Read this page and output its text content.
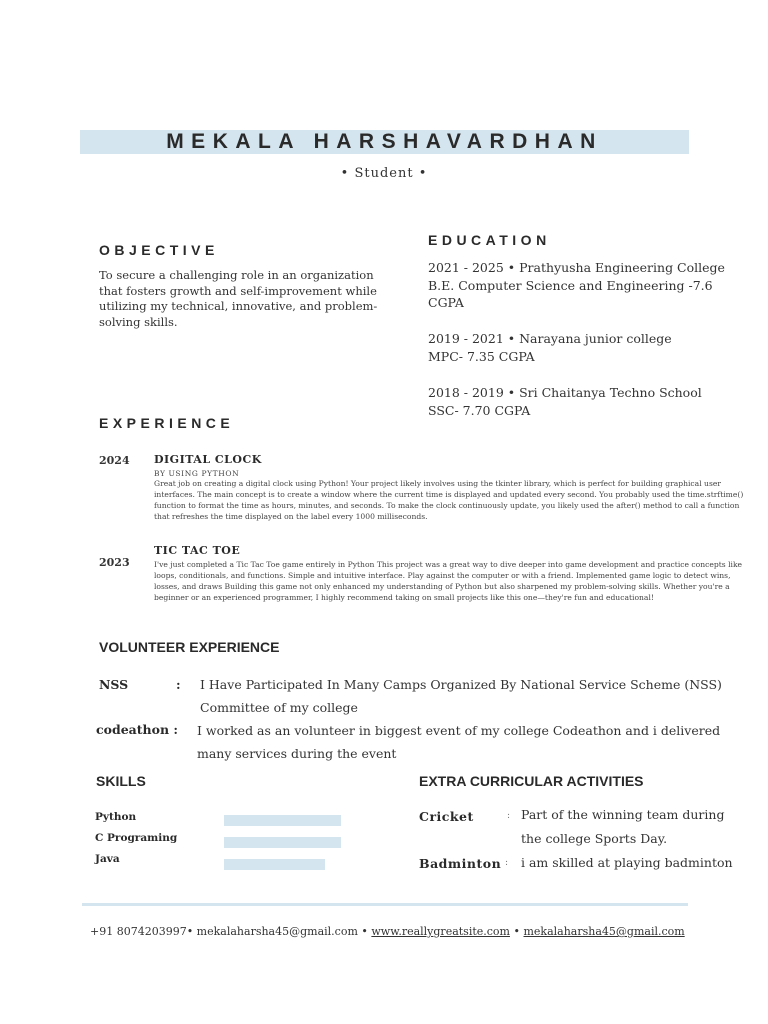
MEKALA HARSHAVARDHAN
• Student •
OBJECTIVE
To secure a challenging role in an organization that fosters growth and self-improvement while utilizing my technical, innovative, and problem-solving skills.
EDUCATION
2021 - 2025 • Prathyusha Engineering College
B.E. Computer Science and Engineering -7.6 CGPA
2019 - 2021 • Narayana junior college
MPC- 7.35 CGPA
2018 - 2019 • Sri Chaitanya Techno School
SSC- 7.70 CGPA
EXPERIENCE
2024 DIGITAL CLOCK
BY USING PYTHON
Great job on creating a digital clock using Python! Your project likely involves using the tkinter library, which is perfect for building graphical user interfaces. The main concept is to create a window where the current time is displayed and updated every second. You probably used the time.strftime() function to format the time as hours, minutes, and seconds. To make the clock continuously update, you likely used the after() method to call a function that refreshes the time displayed on the label every 1000 milliseconds.
2023
TIC TAC TOE
I've just completed a Tic Tac Toe game entirely in Python This project was a great way to dive deeper into game development and practice concepts like loops, conditionals, and functions. Simple and intuitive interface. Play against the computer or with a friend. Implemented game logic to detect wins, losses, and draws Building this game not only enhanced my understanding of Python but also sharpened my problem-solving skills. Whether you're a beginner or an experienced programmer, I highly recommend taking on small projects like this one—they're fun and educational!
VOLUNTEER EXPERIENCE
NSS	: I Have Participated In Many Camps Organized By National Service Scheme (NSS) Committee of my college
codeathon : I worked as an volunteer in biggest event of my college Codeathon and i delivered many services during the event
SKILLS
Python
C Programing
Java
EXTRA CURRICULAR ACTIVITIES
Cricket	: Part of the winning team during the college Sports Day.
Badminton : i am skilled at playing badminton
+91 8074203997• mekalaharsha45@gmail.com • www.reallygreatsite.com • mekalaharsha45@gmail.com
